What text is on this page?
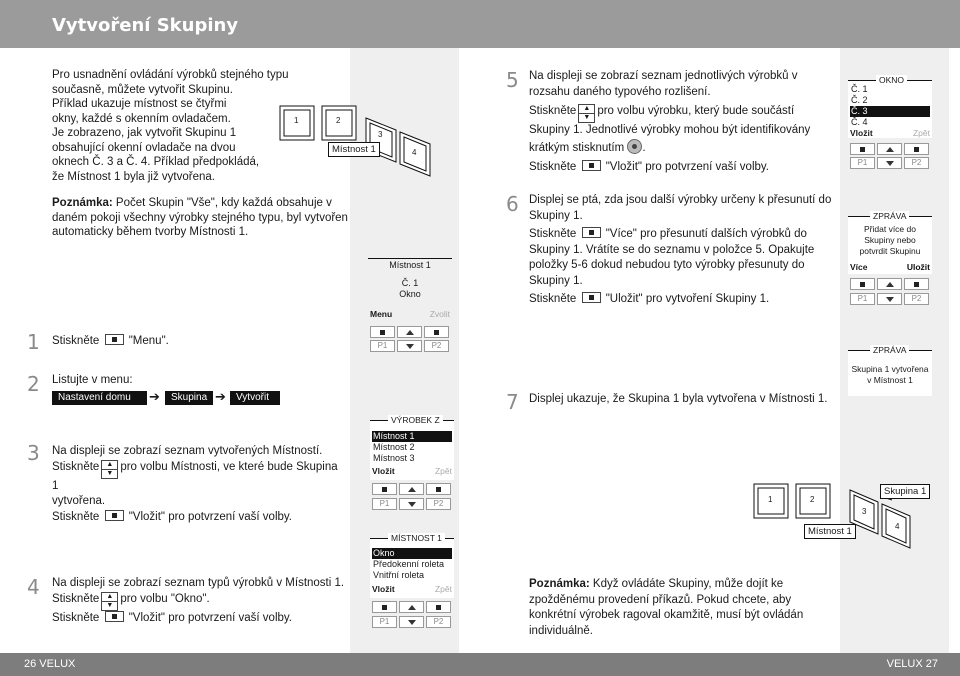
Vytvoření Skupiny
Pro usnadnění ovládání výrobků stejného typu současně, můžete vytvořit Skupinu.
Příklad ukazuje místnost se čtyřmi
okny, každé s okenním ovladačem.
Je zobrazeno, jak vytvořit Skupinu 1
obsahující okenní ovladače na dvou
oknech Č. 3 a Č. 4. Příklad předpokládá,
že Místnost 1 byla již vytvořena.
Poznámka: Počet Skupin "Vše", kdy každá obsahuje v daném pokoji všechny výrobky stejného typu, byl vytvořen automaticky během tvorby Místnosti 1.
1	2
3
4
Místnost 1
Místnost 1
Č. 1
Okno
Menu	Zvolit
P1	P2
1 Stiskněte	"Menu".
2 Listujte v menu:
Nastavení domu	➔	Skupina ➔	Vytvořit
3 Na displeji se zobrazí seznam vytvořených Místností.
Stiskněte	▲
▼
pro volbu Místnosti, ve které bude Skupina 1
vytvořena.
Stiskněte	"Vložit" pro potvrzení vaší volby.
VÝROBEK Z
Místnost 1
Místnost 2
Místnost 3
Vložit	Zpět
P1	P2
4 Na displeji se zobrazí seznam typů výrobků v Místnosti 1.
Stiskněte	▲
▼
pro volbu "Okno".
Stiskněte	"Vložit" pro potvrzení vaší volby.
MÍSTNOST 1
Okno
Předokenní roleta
Vnitřní roleta
Vložit	Zpět
P1	P2
5 Na displeji se zobrazí seznam jednotlivých výrobků v
rozsahu daného typového rozlišení.
Stiskněte	▲
▼
pro volbu výrobku, který bude součástí
Skupiny 1. Jednotlivé výrobky mohou být identifikovány
krátkým stisknutím .
Stiskněte	"Vložit" pro potvrzení vaší volby.
OKNO
Č. 1
Č. 2
Č. 3
Č. 4
Vložit	Zpět
P1	P2
6 Displej se ptá, zda jsou další výrobky určeny k přesunutí do
Skupiny 1.
Stiskněte	"Více" pro přesunutí dalších výrobků do
Skupiny 1. Vrátíte se do seznamu v položce 5. Opakujte
položky 5-6 dokud nebudou tyto výrobky přesunuty do
Skupiny 1.
Stiskněte	"Uložit" pro vytvoření Skupiny 1.
ZPRÁVA
Přidat více do Skupiny nebo potvrdit Skupinu
Více	Uložit
P1	P2
ZPRÁVA
Skupina 1 vytvořena v Místnost 1
7 Displej ukazuje, že Skupina 1 byla vytvořena v Místnosti 1.
1	2
3
4
Místnost 1
Skupina 1
Poznámka: Když ovládáte Skupiny, může dojít ke zpožděnému provedení příkazů. Pokud chcete, aby konkrétní výrobek ragoval okamžitě, musí být ovládán individuálně.
26 VELUX	VELUX 27
